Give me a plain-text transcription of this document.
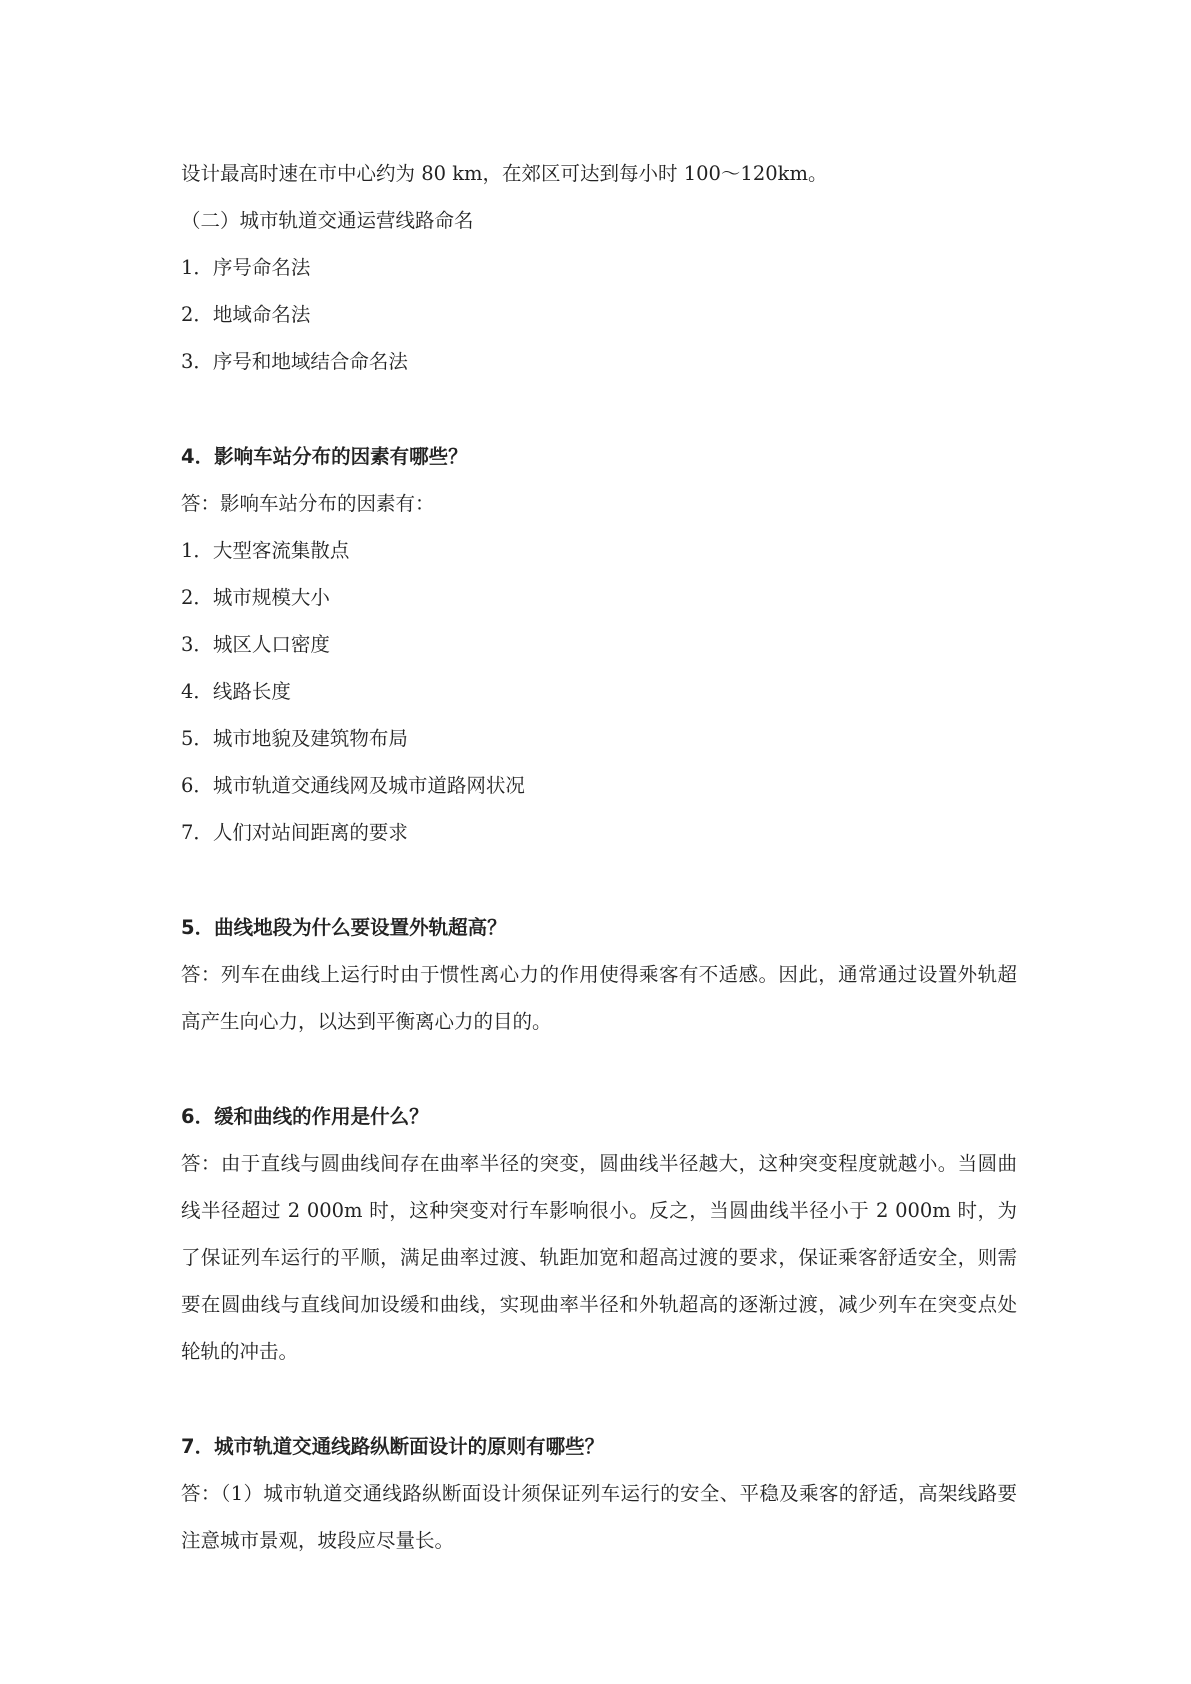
设计最高时速在市中心约为 80 km，在郊区可达到每小时 100～120km。

（二）城市轨道交通运营线路命名

1．序号命名法

2．地域命名法

3．序号和地域结合命名法

4．影响车站分布的因素有哪些？

答：影响车站分布的因素有：

1．大型客流集散点

2．城市规模大小

3．城区人口密度

4．线路长度

5．城市地貌及建筑物布局

6．城市轨道交通线网及城市道路网状况

7．人们对站间距离的要求

5．曲线地段为什么要设置外轨超高？

答：列车在曲线上运行时由于惯性离心力的作用使得乘客有不适感。因此，通常通过设置外轨超高产生向心力，以达到平衡离心力的目的。

6．缓和曲线的作用是什么？

答：由于直线与圆曲线间存在曲率半径的突变，圆曲线半径越大，这种突变程度就越小。当圆曲线半径超过 2 000m 时，这种突变对行车影响很小。反之，当圆曲线半径小于 2 000m 时，为了保证列车运行的平顺，满足曲率过渡、轨距加宽和超高过渡的要求，保证乘客舒适安全，则需要在圆曲线与直线间加设缓和曲线，实现曲率半径和外轨超高的逐渐过渡，减少列车在突变点处轮轨的冲击。

7．城市轨道交通线路纵断面设计的原则有哪些？

答：（1）城市轨道交通线路纵断面设计须保证列车运行的安全、平稳及乘客的舒适，高架线路要注意城市景观，坡段应尽量长。
